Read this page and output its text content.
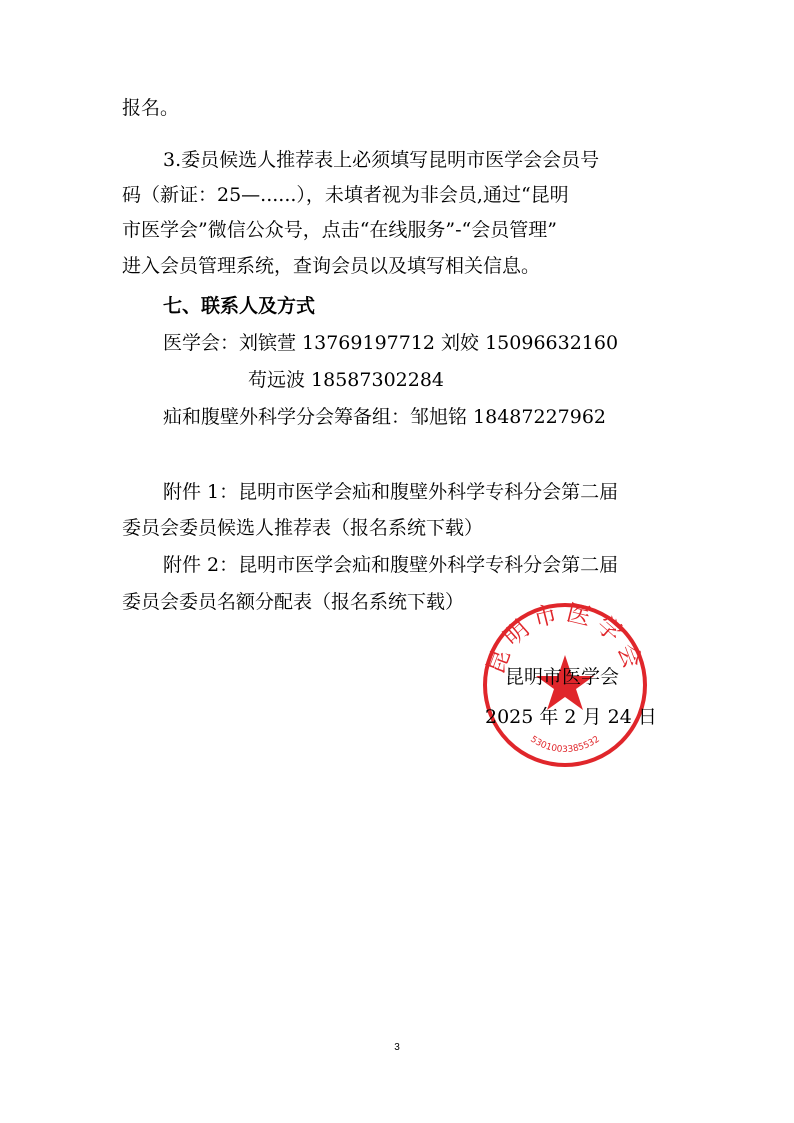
报名。
3.委员候选人推荐表上必须填写昆明市医学会会员号
码（新证：25—......），未填者视为非会员,通过“昆明
市医学会”微信公众号，点击“在线服务”-“会员管理”
进入会员管理系统，查询会员以及填写相关信息。
七、联系人及方式
医学会：刘镔萱 13769197712 刘姣 15096632160
苟远波 18587302284
疝和腹壁外科学分会筹备组：邹旭铭 18487227962
附件 1：昆明市医学会疝和腹壁外科学专科分会第二届
委员会委员候选人推荐表（报名系统下载）
附件 2：昆明市医学会疝和腹壁外科学专科分会第二届
委员会委员名额分配表（报名系统下载）
昆明市医学会
5301003385532
昆明市医学会
2025 年 2 月 24 日
3
